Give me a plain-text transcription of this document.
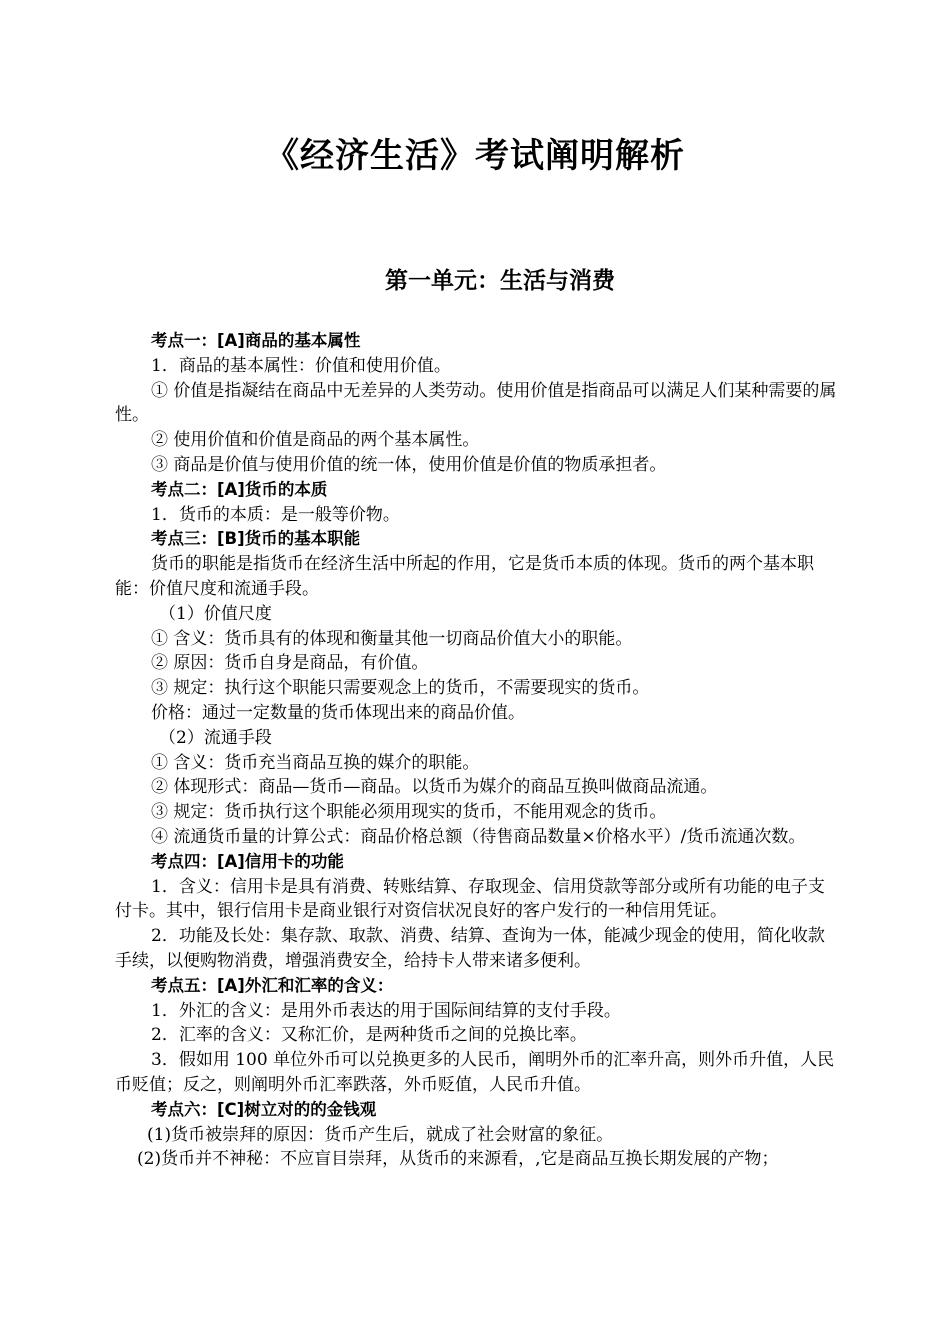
《经济生活》考试阐明解析
第一单元：生活与消费

考点一：[A]商品的基本属性

1．商品的基本属性：价值和使用价值。

① 价值是指凝结在商品中无差异的人类劳动。使用价值是指商品可以满足人们某种需要的属性。

② 使用价值和价值是商品的两个基本属性。

③ 商品是价值与使用价值的统一体，使用价值是价值的物质承担者。

考点二：[A]货币的本质

1．货币的本质：是一般等价物。

考点三：[B]货币的基本职能

货币的职能是指货币在经济生活中所起的作用，它是货币本质的体现。货币的两个基本职能：价值尺度和流通手段。

（1）价值尺度

① 含义：货币具有的体现和衡量其他一切商品价值大小的职能。

② 原因：货币自身是商品，有价值。

③ 规定：执行这个职能只需要观念上的货币，不需要现实的货币。

价格：通过一定数量的货币体现出来的商品价值。

（2）流通手段

① 含义：货币充当商品互换的媒介的职能。

② 体现形式：商品—货币—商品。以货币为媒介的商品互换叫做商品流通。

③ 规定：货币执行这个职能必须用现实的货币，不能用观念的货币。

④ 流通货币量的计算公式：商品价格总额（待售商品数量×价格水平）/货币流通次数。

考点四：[A]信用卡的功能

1．含义：信用卡是具有消费、转账结算、存取现金、信用贷款等部分或所有功能的电子支付卡。其中，银行信用卡是商业银行对资信状况良好的客户发行的一种信用凭证。

2．功能及长处：集存款、取款、消费、结算、查询为一体，能减少现金的使用，简化收款手续，以便购物消费，增强消费安全，给持卡人带来诸多便利。

考点五：[A]外汇和汇率的含义：

1．外汇的含义：是用外币表达的用于国际间结算的支付手段。

2．汇率的含义：又称汇价，是两种货币之间的兑换比率。

3．假如用 100 单位外币可以兑换更多的人民币，阐明外币的汇率升高，则外币升值，人民币贬值；反之，则阐明外币汇率跌落，外币贬值，人民币升值。

考点六：[C]树立对的的金钱观

(1)货币被崇拜的原因：货币产生后，就成了社会财富的象征。

(2)货币并不神秘：不应盲目崇拜，从货币的来源看，,它是商品互换长期发展的产物；
